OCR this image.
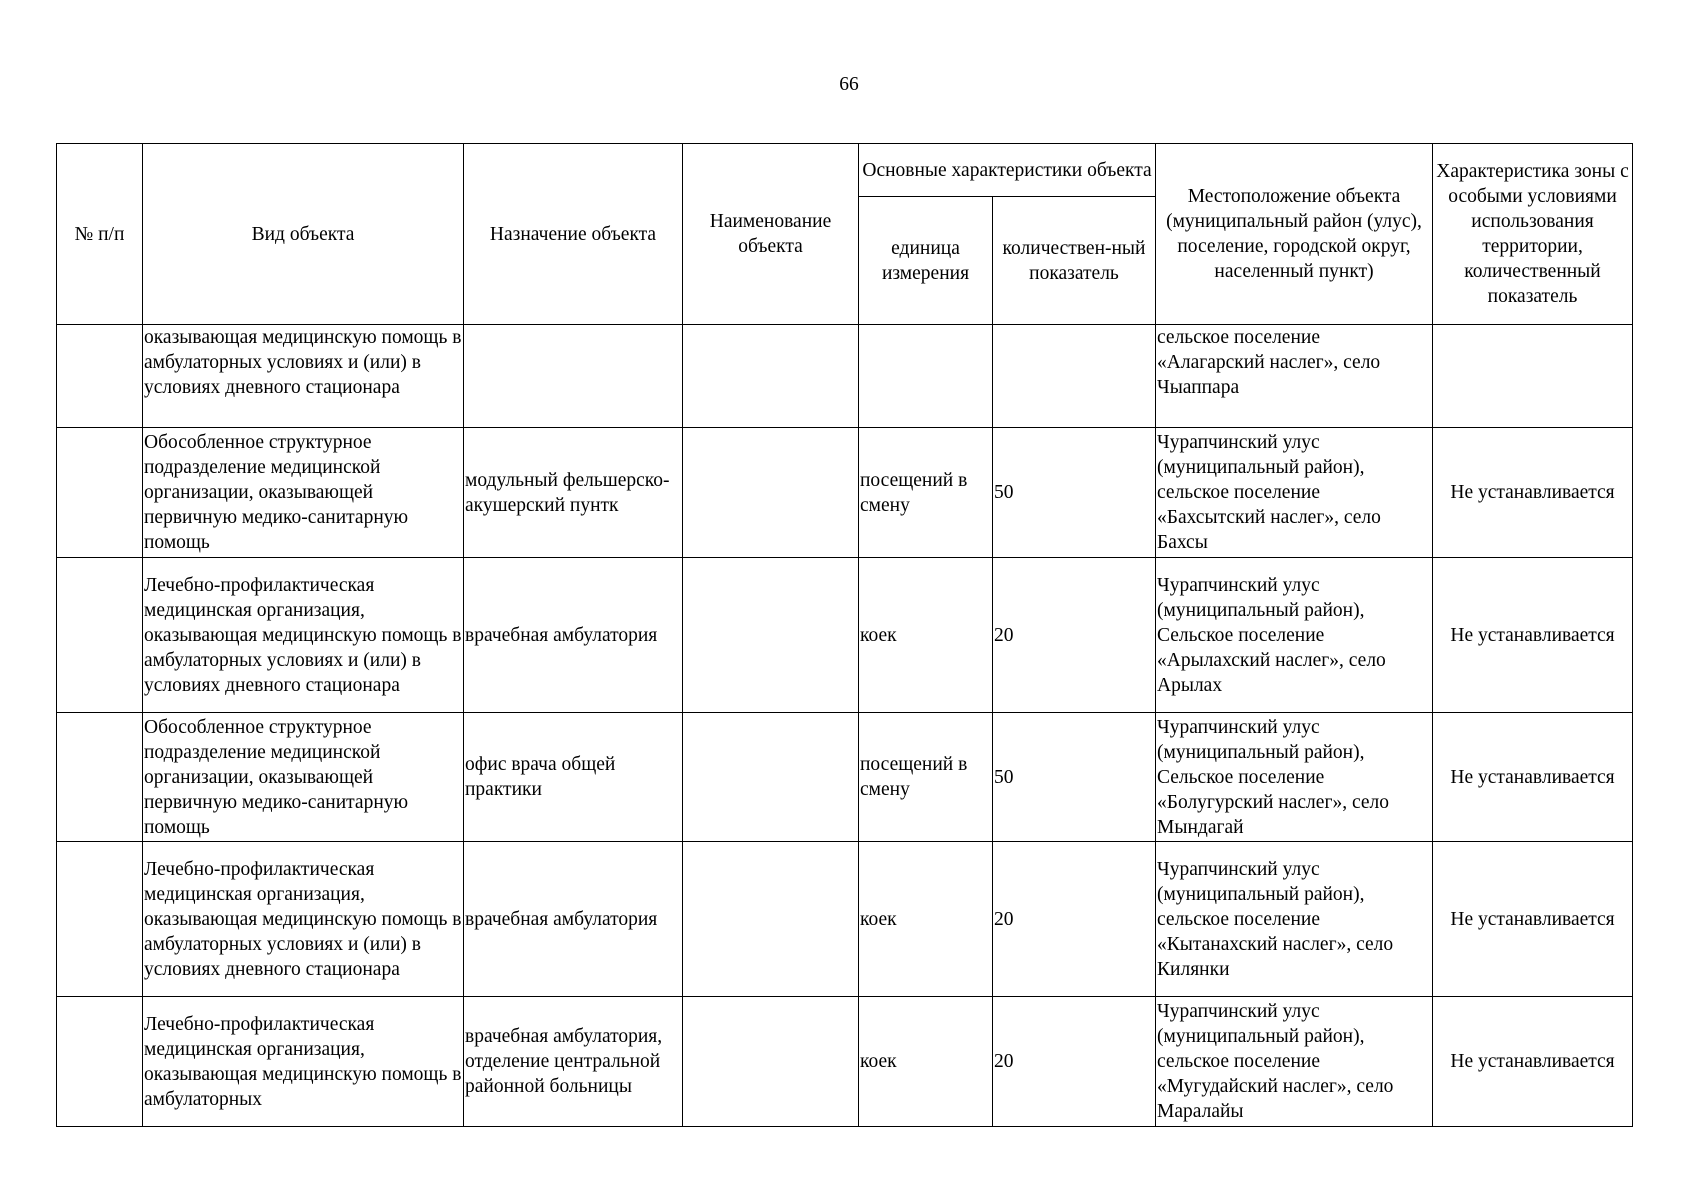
66
№ п/п	Вид объекта	Назначение объекта	Наименование объекта	Основные характеристики объекта		Местоположение объекта (муниципальный район (улус), поселение, городской округ, населенный пункт)	Характеристика зоны с особыми условиями использования территории, количественный показатель
				единица измерения	количествен-ный показатель		
	оказывающая медицинскую помощь в амбулаторных условиях и (или) в условиях дневного стационара					сельское поселение «Алагарский наслег», село Чыаппара	
	Обособленное структурное подразделение медицинской организации, оказывающей первичную медико-санитарную помощь	модульный фельшерско-акушерский пунтк		посещений в смену	50	Чурапчинский улус (муниципальный район), сельское поселение «Бахсытский наслег», село Бахсы	Не устанавливается
	Лечебно-профилактическая медицинская организация, оказывающая медицинскую помощь в амбулаторных условиях и (или) в условиях дневного стационара	врачебная амбулатория		коек	20	Чурапчинский улус (муниципальный район), Сельское поселение «Арылахский наслег», село Арылах	Не устанавливается
	Обособленное структурное подразделение медицинской организации, оказывающей первичную медико-санитарную помощь	офис врача общей практики		посещений в смену	50	Чурапчинский улус (муниципальный район), Сельское поселение «Болугурский наслег», село Мындагай	Не устанавливается
	Лечебно-профилактическая медицинская организация, оказывающая медицинскую помощь в амбулаторных условиях и (или) в условиях дневного стационара	врачебная амбулатория		коек	20	Чурапчинский улус (муниципальный район), сельское поселение «Кытанахский наслег», село Килянки	Не устанавливается
	Лечебно-профилактическая медицинская организация, оказывающая медицинскую помощь в амбулаторных	врачебная амбулатория, отделение центральной районной больницы		коек	20	Чурапчинский улус (муниципальный район), сельское поселение «Мугудайский наслег», село Маралайы	Не устанавливается
